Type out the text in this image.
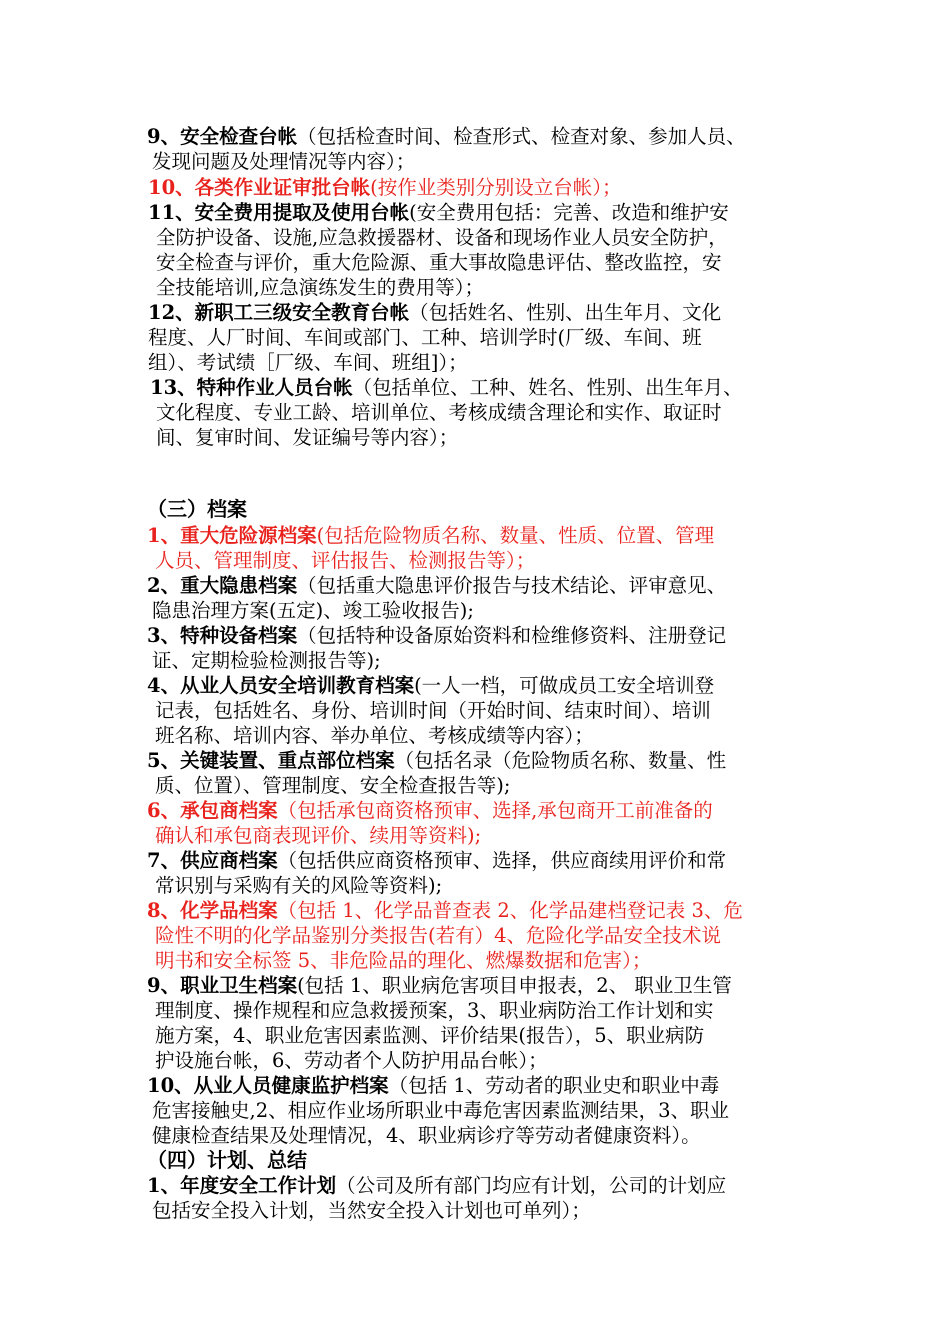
9、安全检查台帐（包括检查时间、检查形式、检查对象、参加人员、
发现问题及处理情况等内容）；
10、各类作业证审批台帐(按作业类别分别设立台帐）；
11、安全费用提取及使用台帐(安全费用包括：完善、改造和维护安
全防护设备、设施,应急救援器材、设备和现场作业人员安全防护，
安全检查与评价，重大危险源、重大事故隐患评估、整改监控，安
全技能培训,应急演练发生的费用等）；
12、新职工三级安全教育台帐（包括姓名、性别、出生年月、文化
程度、人厂时间、车间或部门、工种、培训学时(厂级、车间、班
组）、考试绩［厂级、车间、班组]）；
13、特种作业人员台帐（包括单位、工种、姓名、性别、出生年月、
文化程度、专业工龄、培训单位、考核成绩含理论和实作、取证时
间、复审时间、发证编号等内容）；
（三）档案
1、重大危险源档案(包括危险物质名称、数量、性质、位置、管理
人员、管理制度、评估报告、检测报告等）；
2、重大隐患档案（包括重大隐患评价报告与技术结论、评审意见、
隐患治理方案(五定)、竣工验收报告);
3、特种设备档案（包括特种设备原始资料和检维修资料、注册登记
证、定期检验检测报告等);
4、从业人员安全培训教育档案(一人一档，可做成员工安全培训登
记表，包括姓名、身份、培训时间（开始时间、结束时间）、培训
班名称、培训内容、举办单位、考核成绩等内容）；
5、关键装置、重点部位档案（包括名录（危险物质名称、数量、性
质、位置）、管理制度、安全检查报告等);
6、承包商档案（包括承包商资格预审、选择,承包商开工前准备的
确认和承包商表现评价、续用等资料);
7、供应商档案（包括供应商资格预审、选择，供应商续用评价和常
常识别与采购有关的风险等资料);
8、化学品档案（包括 1、化学品普查表 2、化学品建档登记表 3、危
险性不明的化学品鉴别分类报告(若有）4、危险化学品安全技术说
明书和安全标签 5、非危险品的理化、燃爆数据和危害）；
9、职业卫生档案(包括 1、职业病危害项目申报表，2、 职业卫生管
理制度、操作规程和应急救援预案，3、职业病防治工作计划和实
施方案，4、职业危害因素监测、评价结果(报告），5、职业病防
护设施台帐，6、劳动者个人防护用品台帐）；
10、从业人员健康监护档案（包括 1、劳动者的职业史和职业中毒
危害接触史,2、相应作业场所职业中毒危害因素监测结果，3、职业
健康检查结果及处理情况，4、职业病诊疗等劳动者健康资料）。
（四）计划、总结
1、年度安全工作计划（公司及所有部门均应有计划，公司的计划应
包括安全投入计划，当然安全投入计划也可单列）；
